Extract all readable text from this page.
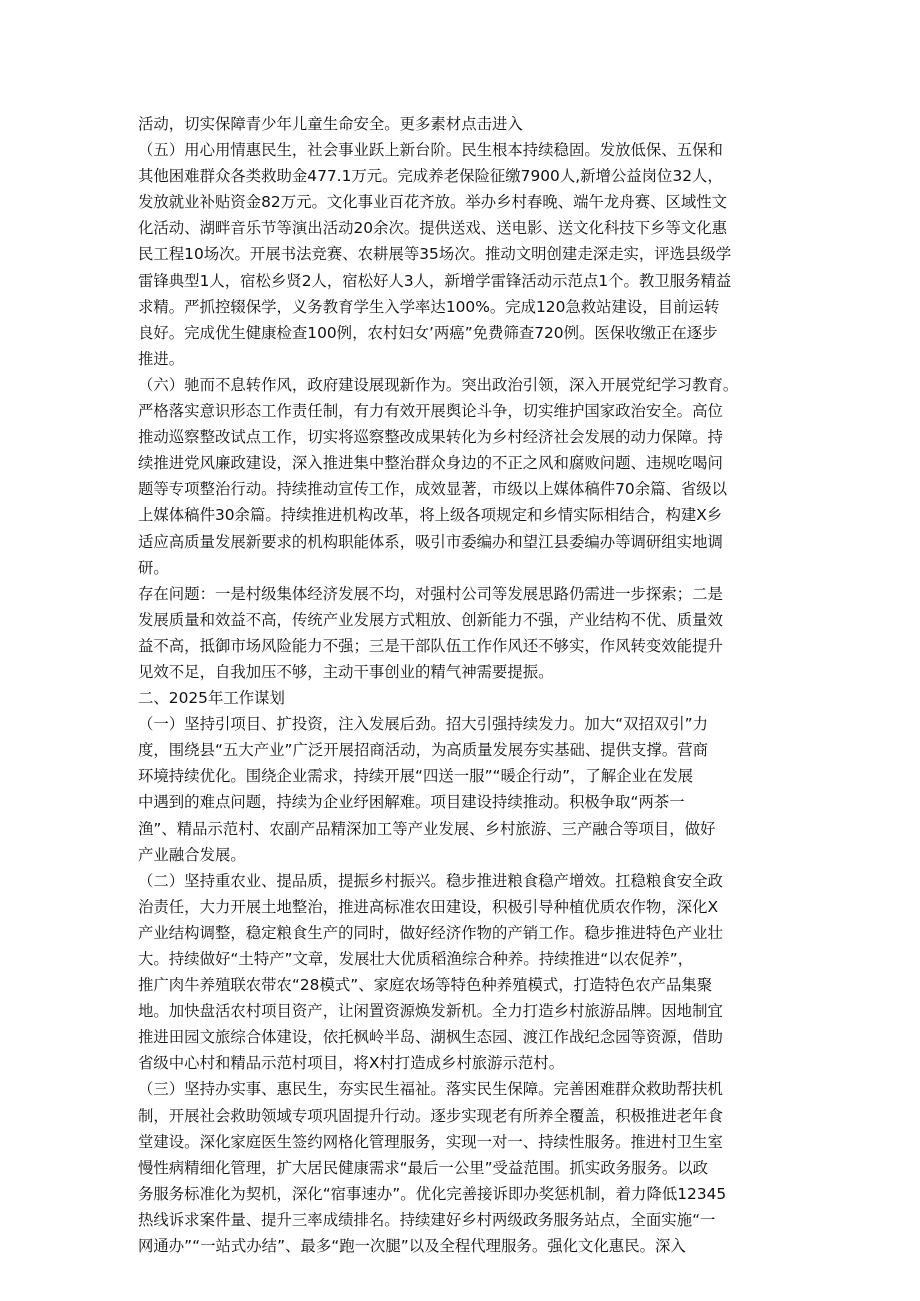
活动，切实保障青少年儿童生命安全。更多素材点击进入
（五）用心用情惠民生，社会事业跃上新台阶。民生根本持续稳固。发放低保、五保和
其他困难群众各类救助金477.1万元。完成养老保险征缴7900人,新增公益岗位32人，
发放就业补贴资金82万元。文化事业百花齐放。举办乡村春晚、端午龙舟赛、区域性文
化活动、湖畔音乐节等演出活动20余次。提供送戏、送电影、送文化科技下乡等文化惠
民工程10场次。开展书法竞赛、农耕展等35场次。推动文明创建走深走实，评选县级学
雷锋典型1人，宿松乡贤2人，宿松好人3人，新增学雷锋活动示范点1个。教卫服务精益
求精。严抓控辍保学，义务教育学生入学率达100%。完成120急救站建设，目前运转
良好。完成优生健康检查100例，农村妇女’两癌”免费筛查720例。医保收缴正在逐步
推进。
（六）驰而不息转作风，政府建设展现新作为。突出政治引领，深入开展党纪学习教育。
严格落实意识形态工作责任制，有力有效开展舆论斗争，切实维护国家政治安全。高位
推动巡察整改试点工作，切实将巡察整改成果转化为乡村经济社会发展的动力保障。持
续推进党风廉政建设，深入推进集中整治群众身边的不正之风和腐败问题、违规吃喝问
题等专项整治行动。持续推动宣传工作，成效显著，市级以上媒体稿件70余篇、省级以
上媒体稿件30余篇。持续推进机构改革，将上级各项规定和乡情实际相结合，构建X乡
适应高质量发展新要求的机构职能体系，吸引市委编办和望江县委编办等调研组实地调
研。
存在问题：一是村级集体经济发展不均，对强村公司等发展思路仍需进一步探索；二是
发展质量和效益不高，传统产业发展方式粗放、创新能力不强，产业结构不优、质量效
益不高，抵御市场风险能力不强；三是干部队伍工作作风还不够实，作风转变效能提升
见效不足，自我加压不够，主动干事创业的精气神需要提振。
二、2025年工作谋划
（一）坚持引项目、扩投资，注入发展后劲。招大引强持续发力。加大“双招双引”力
度，围绕县“五大产业”广泛开展招商活动，为高质量发展夯实基础、提供支撑。营商
环境持续优化。围绕企业需求，持续开展“四送一服”“暖企行动”，了解企业在发展
中遇到的难点问题，持续为企业纾困解难。项目建设持续推动。积极争取“两茶一
渔”、精品示范村、农副产品精深加工等产业发展、乡村旅游、三产融合等项目，做好
产业融合发展。
（二）坚持重农业、提品质，提振乡村振兴。稳步推进粮食稳产增效。扛稳粮食安全政
治责任，大力开展土地整治，推进高标准农田建设，积极引导种植优质农作物，深化X
产业结构调整，稳定粮食生产的同时，做好经济作物的产销工作。稳步推进特色产业壮
大。持续做好“土特产”文章，发展壮大优质稻渔综合种养。持续推进“以农促养”，
推广肉牛养殖联农带农“28模式”、家庭农场等特色种养殖模式，打造特色农产品集聚
地。加快盘活农村项目资产，让闲置资源焕发新机。全力打造乡村旅游品牌。因地制宜
推进田园文旅综合体建设，依托枫岭半岛、湖枫生态园、渡江作战纪念园等资源，借助
省级中心村和精品示范村项目，将X村打造成乡村旅游示范村。
（三）坚持办实事、惠民生，夯实民生福祉。落实民生保障。完善困难群众救助帮扶机
制，开展社会救助领域专项巩固提升行动。逐步实现老有所养全覆盖，积极推进老年食
堂建设。深化家庭医生签约网格化管理服务，实现一对一、持续性服务。推进村卫生室
慢性病精细化管理，扩大居民健康需求“最后一公里”受益范围。抓实政务服务。以政
务服务标准化为契机，深化“宿事速办”。优化完善接诉即办奖惩机制，着力降低12345
热线诉求案件量、提升三率成绩排名。持续建好乡村两级政务服务站点，全面实施“一
网通办”“一站式办结”、最多“跑一次腿”以及全程代理服务。强化文化惠民。深入
